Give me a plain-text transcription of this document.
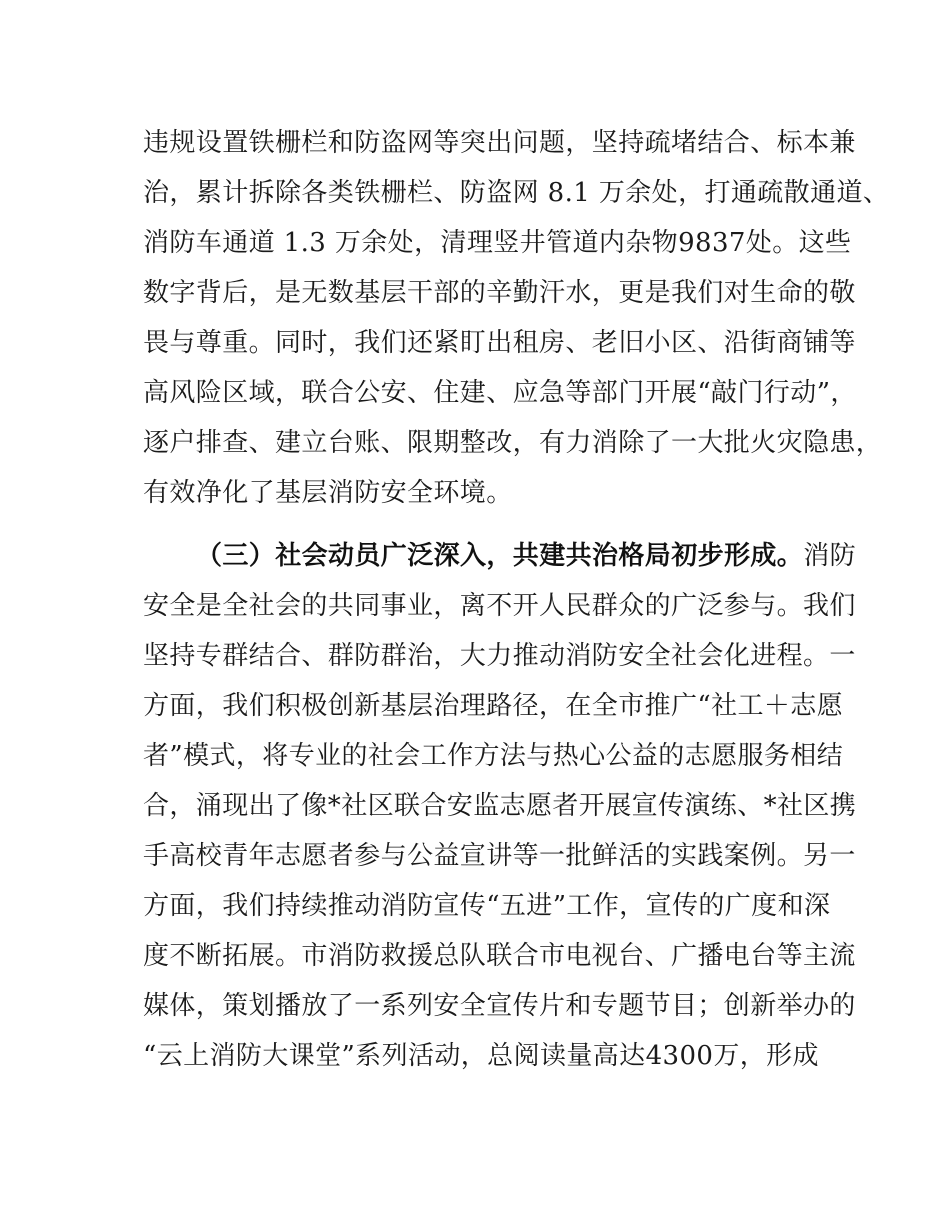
违规设置铁栅栏和防盗网等突出问题，坚持疏堵结合、标本兼
治，累计拆除各类铁栅栏、防盗网 8.1 万余处，打通疏散通道、
消防车通道 1.3 万余处，清理竖井管道内杂物9837处。这些
数字背后，是无数基层干部的辛勤汗水，更是我们对生命的敬
畏与尊重。同时，我们还紧盯出租房、老旧小区、沿街商铺等
高风险区域，联合公安、住建、应急等部门开展“敲门行动”，
逐户排查、建立台账、限期整改，有力消除了一大批火灾隐患，
有效净化了基层消防安全环境。
（三）社会动员广泛深入，共建共治格局初步形成。消防
安全是全社会的共同事业，离不开人民群众的广泛参与。我们
坚持专群结合、群防群治，大力推动消防安全社会化进程。一
方面，我们积极创新基层治理路径，在全市推广“社工＋志愿
者”模式，将专业的社会工作方法与热心公益的志愿服务相结
合，涌现出了像*社区联合安监志愿者开展宣传演练、*社区携
手高校青年志愿者参与公益宣讲等一批鲜活的实践案例。另一
方面，我们持续推动消防宣传“五进”工作，宣传的广度和深
度不断拓展。市消防救援总队联合市电视台、广播电台等主流
媒体，策划播放了一系列安全宣传片和专题节目；创新举办的
“云上消防大课堂”系列活动，总阅读量高达4300万，形成
